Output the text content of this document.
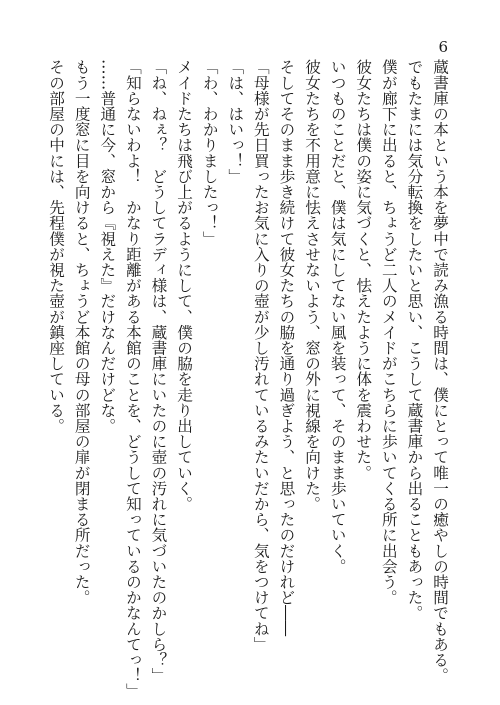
6

蔵書庫の本という本を夢中で読み漁る時間は、僕にとって唯一の癒やしの時間でもある。

でもたまには気分転換をしたいと思い、こうして蔵書庫から出ることもあった。

僕が廊下に出ると、ちょうど二人のメイドがこちらに歩いてくる所に出会う。

彼女たちは僕の姿に気づくと、怯えたように体を震わせた。

いつものことだと、僕は気にしてない風を装って、そのまま歩いていく。

彼女たちを不用意に怯えさせないよう、窓の外に視線を向けた。

そしてそのまま歩き続けて彼女たちの脇を通り過ぎよう、と思ったのだけれど――

「母様が先日買ったお気に入りの壺が少し汚れているみたいだから、気をつけてね」

「は、はいっ！」

「わ、わかりましたっ！」

メイドたちは飛び上がるようにして、僕の脇を走り出していく。

「ね、ねぇ？　どうしてラディ様は、蔵書庫にいたのに壺の汚れに気づいたのかしら？」

「知らないわよ！　かなり距離がある本館のことを、どうして知っているのかなんてっ！」

……普通に今、窓から『視えた』だけなんだけどな。

もう一度窓に目を向けると、ちょうど本館の母の部屋の扉が閉まる所だった。

その部屋の中には、先程僕が視た壺が鎮座している。
